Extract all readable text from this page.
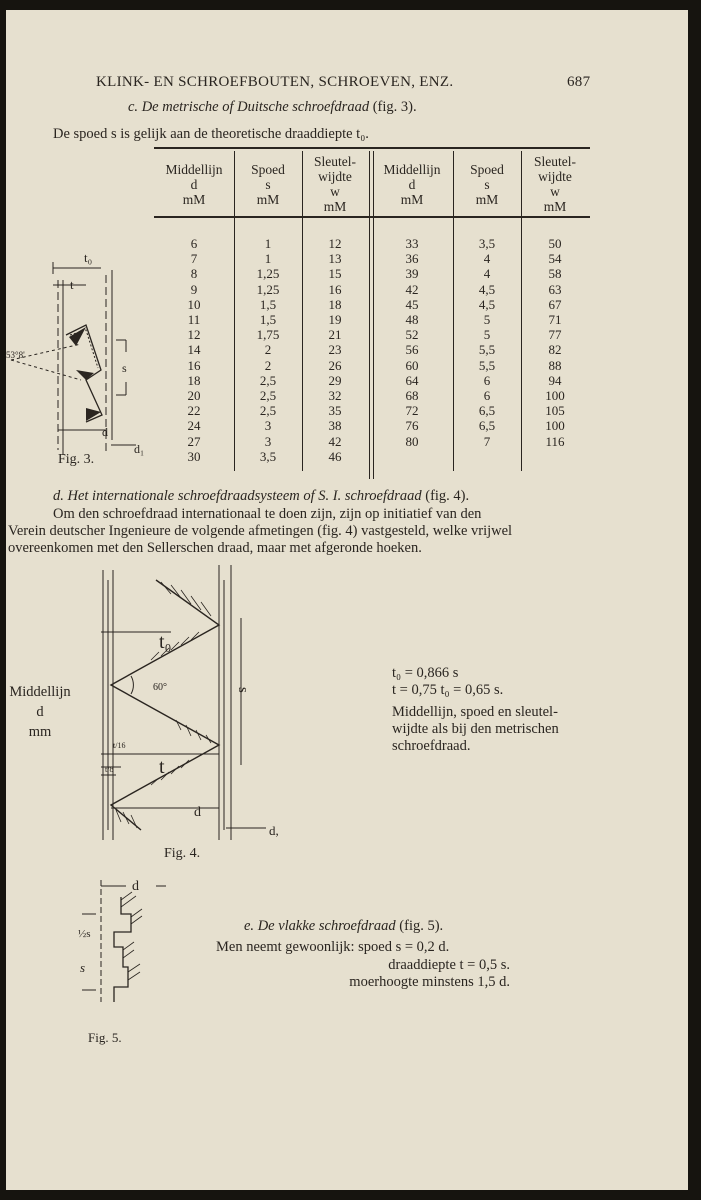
KLINK- EN SCHROEFBOUTEN, SCHROEVEN, ENZ.	687
c. De metrische of Duitsche schroefdraad (fig. 3).
De spoed s is gelijk aan de theoretische draaddiepte t₀.
Middellijn
d
mM
Spoed
s
mM
Sleutel-
wijdte
w
mM
Middellijn
d
mM
Spoed
s
mM
Sleutel-
wijdte
w
mM
6
7
8
9
10
11
12
14
16
18
20
22
24
27
30
1
1
1,25
1,25
1,5
1,5
1,75
2
2
2,5
2,5
2,5
3
3
3,5
12
13
15
16
18
19
21
23
26
29
32
35
38
42
46
33
36
39
42
45
48
52
56
60
64
68
72
76
80
3,5
4
4
4,5
4,5
5
5
5,5
5,5
6
6
6,5
6,5
7
50
54
58
63
67
71
77
82
88
94
100
105
100
116
t₀
t
s
d
d₁
53°8'
Fig. 3.
d. Het internationale schroefdraadsysteem of S. I. schroefdraad (fig. 4).
Om den schroefdraad internationaal te doen zijn, zijn op initiatief van den
Verein deutscher Ingenieure de volgende afmetingen (fig. 4) vastgesteld, welke vrijwel
overeenkomen met den Sellerschen draad, maar met afgeronde hoeken.
Middellijn
d
mm
t₀
60°	s
t
d
d,
t/16
t/8
Fig. 4.
t₀ = 0,866 s
t = 0,75 t₀ = 0,65 s.
Middellijn, spoed en sleutel-
wijdte als bij den metrischen
schroefdraad.
d
½s
s
Fig. 5.
e. De vlakke schroefdraad (fig. 5).
Men neemt gewoonlijk: spoed s = 0,2 d.
draaddiepte t = 0,5 s.
moerhoogte minstens 1,5 d.
